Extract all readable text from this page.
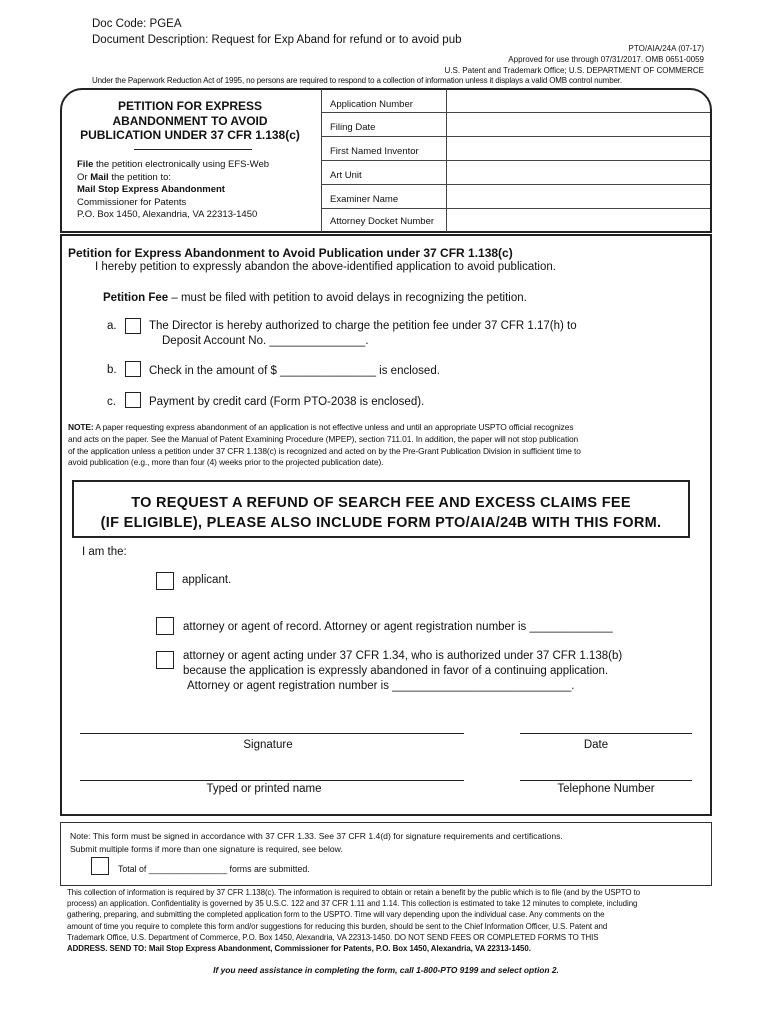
Doc Code: PGEA
Document Description: Request for Exp Aband for refund or to avoid pub
PTO/AIA/24A (07-17)
Approved for use through 07/31/2017. OMB 0651-0059
U.S. Patent and Trademark Office; U.S. DEPARTMENT OF COMMERCE
Under the Paperwork Reduction Act of 1995, no persons are required to respond to a collection of information unless it displays a valid OMB control number.
PETITION FOR EXPRESS
ABANDONMENT TO AVOID
PUBLICATION UNDER 37 CFR 1.138(c)
File the petition electronically using EFS-Web
Or Mail the petition to:
Mail Stop Express Abandonment
Commissioner for Patents
P.O. Box 1450, Alexandria, VA 22313-1450
Application Number
Filing Date
First Named Inventor
Art Unit
Examiner Name
Attorney Docket Number
Petition for Express Abandonment to Avoid Publication under 37 CFR 1.138(c)
I hereby petition to expressly abandon the above-identified application to avoid publication.
Petition Fee – must be filed with petition to avoid delays in recognizing the petition.
a.	The Director is hereby authorized to charge the petition fee under 37 CFR 1.17(h) to
Deposit Account No. _______________.
b.	Check in the amount of $ _______________ is enclosed.
c.	Payment by credit card (Form PTO-2038 is enclosed).
NOTE: A paper requesting express abandonment of an application is not effective unless and until an appropriate USPTO official recognizes
and acts on the paper. See the Manual of Patent Examining Procedure (MPEP), section 711.01. In addition, the paper will not stop publication
of the application unless a petition under 37 CFR 1.138(c) is recognized and acted on by the Pre-Grant Publication Division in sufficient time to
avoid publication (e.g., more than four (4) weeks prior to the projected publication date).
TO REQUEST A REFUND OF SEARCH FEE AND EXCESS CLAIMS FEE
(IF ELIGIBLE), PLEASE ALSO INCLUDE FORM PTO/AIA/24B WITH THIS FORM.
I am the:
applicant.
attorney or agent of record. Attorney or agent registration number is _____________
attorney or agent acting under 37 CFR 1.34, who is authorized under 37 CFR 1.138(b)
because the application is expressly abandoned in favor of a continuing application.
Attorney or agent registration number is ____________________________.
Signature	Date
Typed or printed name	Telephone Number
Note: This form must be signed in accordance with 37 CFR 1.33. See 37 CFR 1.4(d) for signature requirements and certifications.
Submit multiple forms if more than one signature is required, see below.
Total of ________________ forms are submitted.
This collection of information is required by 37 CFR 1.138(c). The information is required to obtain or retain a benefit by the public which is to file (and by the USPTO to
process) an application. Confidentiality is governed by 35 U.S.C. 122 and 37 CFR 1.11 and 1.14. This collection is estimated to take 12 minutes to complete, including
gathering, preparing, and submitting the completed application form to the USPTO. Time will vary depending upon the individual case. Any comments on the
amount of time you require to complete this form and/or suggestions for reducing this burden, should be sent to the Chief Information Officer, U.S. Patent and
Trademark Office, U.S. Department of Commerce, P.O. Box 1450, Alexandria, VA 22313-1450. DO NOT SEND FEES OR COMPLETED FORMS TO THIS
ADDRESS. SEND TO: Mail Stop Express Abandonment, Commissioner for Patents, P.O. Box 1450, Alexandria, VA 22313-1450.
If you need assistance in completing the form, call 1-800-PTO 9199 and select option 2.
